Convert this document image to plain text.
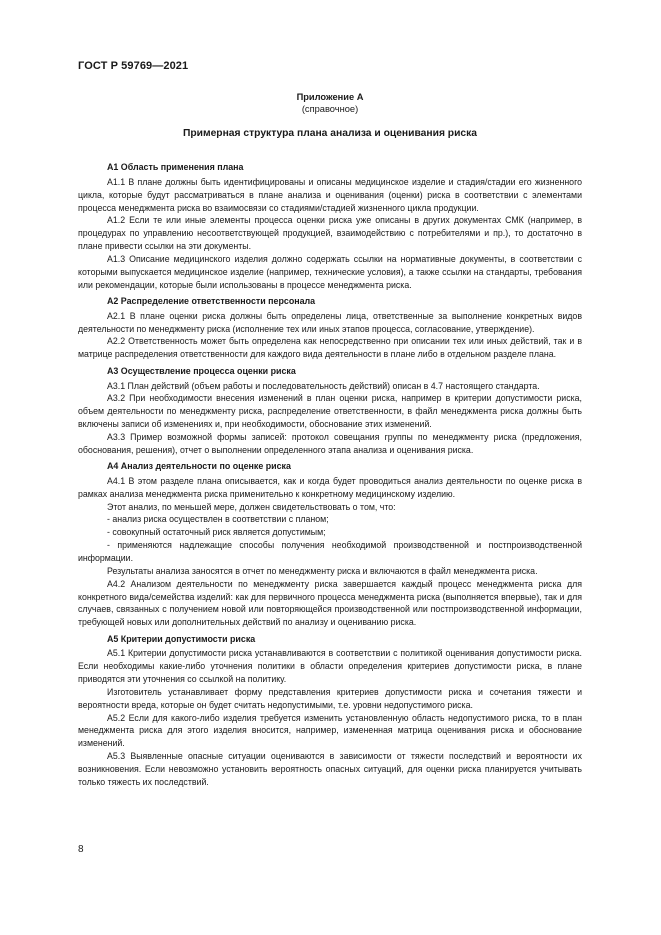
ГОСТ Р 59769—2021
Приложение А
(справочное)
Примерная структура плана анализа и оценивания риска

А1 Область применения плана

А1.1 В плане должны быть идентифицированы и описаны медицинское изделие и стадия/стадии его жизненного цикла, которые будут рассматриваться в плане анализа и оценивания (оценки) риска в соответствии с элементами процесса менеджмента риска во взаимосвязи со стадиями/стадией жизненного цикла продукции.

А1.2 Если те или иные элементы процесса оценки риска уже описаны в других документах СМК (например, в процедурах по управлению несоответствующей продукцией, взаимодействию с потребителями и пр.), то достаточно в плане привести ссылки на эти документы.

А1.3 Описание медицинского изделия должно содержать ссылки на нормативные документы, в соответствии с которыми выпускается медицинское изделие (например, технические условия), а также ссылки на стандарты, требования или рекомендации, которые были использованы в процессе менеджмента риска.

А2 Распределение ответственности персонала

А2.1 В плане оценки риска должны быть определены лица, ответственные за выполнение конкретных видов деятельности по менеджменту риска (исполнение тех или иных этапов процесса, согласование, утверждение).

А2.2 Ответственность может быть определена как непосредственно при описании тех или иных действий, так и в матрице распределения ответственности для каждого вида деятельности в плане либо в отдельном разделе плана.

А3 Осуществление процесса оценки риска

А3.1 План действий (объем работы и последовательность действий) описан в 4.7 настоящего стандарта.

А3.2 При необходимости внесения изменений в план оценки риска, например в критерии допустимости риска, объем деятельности по менеджменту риска, распределение ответственности, в файл менеджмента риска должны быть включены записи об изменениях и, при необходимости, обоснование этих изменений.

А3.3 Пример возможной формы записей: протокол совещания группы по менеджменту риска (предложения, обоснования, решения), отчет о выполнении определенного этапа анализа и оценивания риска.

А4 Анализ деятельности по оценке риска

А4.1 В этом разделе плана описывается, как и когда будет проводиться анализ деятельности по оценке риска в рамках анализа менеджмента риска применительно к конкретному медицинскому изделию.

Этот анализ, по меньшей мере, должен свидетельствовать о том, что:

- анализ риска осуществлен в соответствии с планом;

- совокупный остаточный риск является допустимым;

- применяются надлежащие способы получения необходимой производственной и постпроизводственной информации.

Результаты анализа заносятся в отчет по менеджменту риска и включаются в файл менеджмента риска.

А4.2 Анализом деятельности по менеджменту риска завершается каждый процесс менеджмента риска для конкретного вида/семейства изделий: как для первичного процесса менеджмента риска (выполняется впервые), так и для случаев, связанных с получением новой или повторяющейся производственной или постпроизводственной информации, требующей новых или дополнительных действий по анализу и оцениванию риска.

А5 Критерии допустимости риска

А5.1 Критерии допустимости риска устанавливаются в соответствии с политикой оценивания допустимости риска. Если необходимы какие-либо уточнения политики в области определения критериев допустимости риска, в плане приводятся эти уточнения со ссылкой на политику.

Изготовитель устанавливает форму представления критериев допустимости риска и сочетания тяжести и вероятности вреда, которые он будет считать недопустимыми, т.е. уровни недопустимого риска.

А5.2 Если для какого-либо изделия требуется изменить установленную область недопустимого риска, то в план менеджмента риска для этого изделия вносится, например, измененная матрица оценивания риска и обоснование изменений.

А5.3 Выявленные опасные ситуации оцениваются в зависимости от тяжести последствий и вероятности их возникновения. Если невозможно установить вероятность опасных ситуаций, для оценки риска планируется учитывать только тяжесть их последствий.

8
